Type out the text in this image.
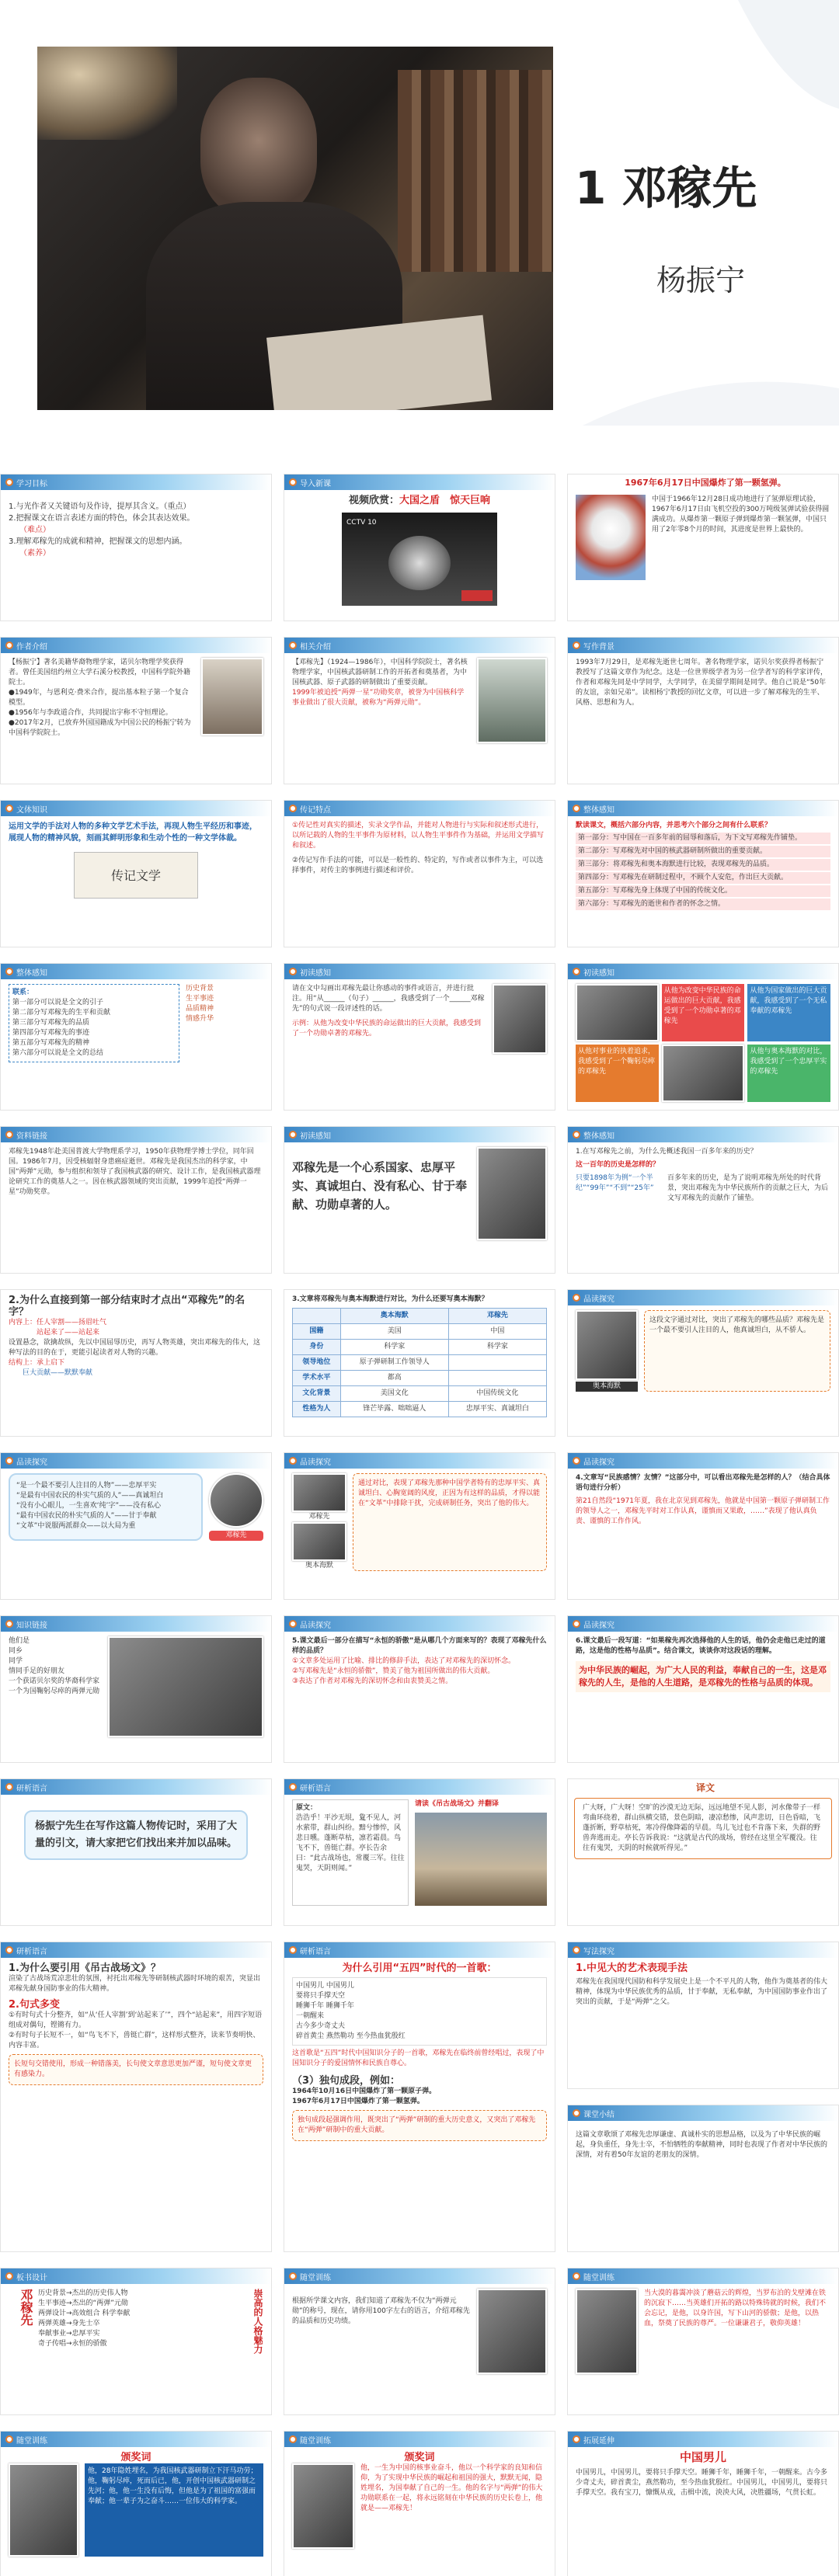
1 邓稼先
杨振宁
学习目标
1.与光作者又关键语句及作诗，提厚其含义。（重点）
2.把握课文在语言表述方面的特色，体会其表达效果。
（难点）
3.理解邓稼先的成就和精神，把握课文的思想内涵。
（素养）
导入新课
视频欣赏：大国之盾　惊天巨响
CCTV 10
1967年6月17日中国爆炸了第一颗氢弹。
中国于1966年12月28日成功地进行了氢弹原理试验，1967年6月17日由飞机空投的300万吨级氢弹试验获得圆满成功。从爆炸第一颗原子弹到爆炸第一颗氢弹，中国只用了2年零8个月的时间，其进度是世界上最快的。
作者介绍
【杨振宁】著名美籍华裔物理学家，诺贝尔物理学奖获得者。曾任美国纽约州立大学石溪分校教授，中国科学院外籍院士。
●1949年，与恩利克·费米合作，提出基本粒子第一个复合模型。
●1956年与李政道合作，共同提出宇称不守恒理论。
●2017年2月，已放弃外国国籍成为中国公民的杨振宁转为中国科学院院士。
相关介绍
【邓稼先】（1924—1986年），中国科学院院士，著名核物理学家，中国核武器研制工作的开拓者和奠基者，为中国核武器、原子武器的研制做出了重要贡献。
1999年被追授“两弹一星”功勋奖章，被誉为中国核科学事业做出了很大贡献，被称为“两弹元勋”。
写作背景
1993年7月29日，是邓稼先逝世七周年。著名物理学家，诺贝尔奖获得者杨振宁教授写了这篇文章作为纪念。这是一位世界级学者为另一位学者写的科学家评传，作者和邓稼先同是中学同学，大学同学，在美留学期间是同学。他自己说是“50年的友谊，亲如兄弟”。读相杨宁教授的回忆文章，可以进一步了解邓稼先的生平、风格、思想和为人。
文体知识
运用文学的手法对人物的多种文学艺术手法，再现人物生平经历和事迹，展现人物的精神风貌，刻画其鲜明形象和生动个性的一种文学体裁。
传记文学
传记特点
①传记性对真实的描述，实录文学作品，并能对人物进行与实际和叙述形式进行，以所记载的人物的生平事件为原材料，以人物生平事件作为基础，并运用文学描写和叙述。
②传记写作手法的可能，可以是一般性的、特定的，写作或者以事件为主，可以选择事件，对传主的事例进行描述和评价。
整体感知
默读课文，概括六部分内容，并思考六个部分之间有什么联系？
第一部分：写中国在一百多年前的屈辱和落后，为下文写邓稼先作铺垫。
第二部分：写邓稼先对中国的核武器研制所做出的重要贡献。
第三部分：将邓稼先和奥本海默进行比较，表现邓稼先的品质。
第四部分：写邓稼先在研制过程中，不顾个人安危，作出巨大贡献。
第五部分：写邓稼先身上体现了中国的传统文化。
第六部分：写邓稼先的逝世和作者的怀念之情。
整体感知
联系：
第一部分可以说是全文的引子
第二部分写邓稼先的生平和贡献
第三部分写邓稼先的品质
第四部分写邓稼先的事迹
第五部分写邓稼先的精神
第六部分可以说是全文的总结
历史背景
生平事迹
品质精神
情感升华
初读感知
请在文中勾画出邓稼先最让你感动的事件或语言，并进行批注。用“从______（句子）______，我感受到了一个______邓稼先”的句式说一段评述性的话。
示例：从他为改变中华民族的命运做出的巨大贡献，我感受到了一个功勋卓著的邓稼先。
初读感知
从他为改变中华民族的命运做出的巨大贡献，我感受到了一个功勋卓著的邓稼先
从他为国家做出的巨大贡献，我感受到了一个无私奉献的邓稼先
从他对事业的执着追求，我感受到了一个鞠躬尽瘁的邓稼先
从他与奥本海默的对比，我感受到了一个忠厚平实的邓稼先
资料链接
邓稼先1948年赴美国普渡大学物理系学习，1950年获物理学博士学位，同年回国。1986年7月，因受核辐射身患癌症逝世。邓稼先是我国杰出的科学家，中国“两弹”元勋，参与组织和领导了我国核武器的研究、设计工作，是我国核武器理论研究工作的奠基人之一。因在核武器领域的突出贡献，1999年追授“两弹一星”功勋奖章。
初读感知
邓稼先是一个心系国家、忠厚平实、真诚坦白、没有私心、甘于奉献、功勋卓著的人。
整体感知
1.在写邓稼先之前，为什么先概述我国一百多年来的历史？
这一百年的历史是怎样的？
只要1898年为例“一个半纪”“99年”“不到”“25年”
百多年来的历史，是为了说明邓稼先所处的时代背景，突出邓稼先为中华民族所作的贡献之巨大，为后文写邓稼先的贡献作了铺垫。
2.为什么直接到第一部分结束时才点出“邓稼先”的名字？
内容上：任人宰割——扬眉吐气
　　　　站起来了——站起来
设置悬念，欲擒故纵，先以中国屈辱历史，再写人物英雄，突出邓稼先的伟大，这种写法的目的在于，更能引起读者对人物的兴趣。
结构上：承上启下
　　巨大贡献——默默奉献
3.文章将邓稼先与奥本海默进行对比，为什么还要写奥本海默？
	奥本海默	邓稼先
国籍	美国	中国
身份	科学家	科学家
领导地位	原子弹研制工作领导人	
学术水平	都高	
文化背景	美国文化	中国传统文化
性格为人	锋芒毕露、咄咄逼人	忠厚平实、真诚坦白
品读探究
奥本海默
这段文字通过对比，突出了邓稼先的哪些品质？邓稼先是一个最不要引人注目的人，他真诚坦白，从不骄人。
品读探究
“是一个最不要引人注目的人物”——忠厚平实
“是最有中国农民的朴实气质的人”——真诚坦白
“没有小心眼儿，一生喜欢‘纯’字”——没有私心
“最有中国农民的朴实气质的人”——甘于奉献
“文革”中说服两派群众——以大局为重
邓稼先
品读探究
邓稼先
奥本海默
通过对比，表现了邓稼先那种中国学者特有的忠厚平实、真诚坦白、心胸宽阔的风度，正因为有这样的品质，才得以能在“文革”中排除干扰，完成研制任务，突出了他的伟大。
品读探究
4.文章写“民族感情？友情？”这部分中，可以看出邓稼先是怎样的人？（结合具体语句进行分析）
第21自然段“1971年夏，我在北京见到邓稼先，他就是中国第一颗原子弹研制工作的领导人之一，邓稼先平时对工作认真，谨慎而又果敢，……”表现了他认真负责、谨慎的工作作风。
知识链接
他们是
同乡
同学
情同手足的好朋友
一个获诺贝尔奖的华裔科学家
一个为国鞠躬尽瘁的两弹元勋
品读探究
5.课文最后一部分在描写“永恒的骄傲”是从哪几个方面来写的？表现了邓稼先什么样的品质？
①文章多处运用了比喻、排比的修辞手法，表达了对邓稼先的深切怀念。
②写邓稼先是“永恒的骄傲”，赞美了他为祖国所做出的伟大贡献。
③表达了作者对邓稼先的深切怀念和由衷赞美之情。
品读探究
6.课文最后一段写道：“如果稼先再次选择他的人生的话，他仍会走他已走过的道路，这是他的性格与品质”。结合课文，谈谈你对这段话的理解。
为中华民族的崛起，为广大人民的利益，奉献自己的一生，这是邓稼先的人生，是他的人生道路，是邓稼先的性格与品质的体现。
研析语言
杨振宁先生在写作这篇人物传记时，采用了大量的引文，请大家把它们找出来并加以品味。
研析语言
原文：
浩浩乎！平沙无垠，夐不见人，河水萦带，群山纠纷。黯兮惨悴，风悲日曛。蓬断草枯，凛若霜晨。鸟飞不下，兽铤亡群。亭长告余曰：“此古战场也，常覆三军。往往鬼哭，天阴则闻。”
请读《吊古战场文》并翻译
译文
广大呀，广大呀！空旷的沙漠无边无际，远远地望不见人影，河水像带子一样弯曲环绕着，群山纵横交错，景色阴暗，凄凉愁惨，风声悲切，日色昏暗，飞蓬折断，野草枯死，寒冷得像降霜的早晨。鸟儿飞过也不肯落下来，失群的野兽奔逃而走。亭长告诉我说：“这就是古代的战场，曾经在这里全军覆没。往往有鬼哭，天阴的时候就听得见。”
研析语言
1.为什么要引用《吊古战场文》？
渲染了古战场荒凉悲壮的氛围，衬托出邓稼先等研制核武器时环境的艰苦，突显出邓稼先献身国防事业的伟大精神。
2.句式多变
①有时句式十分整齐，如“从‘任人宰割’到‘站起来了’”，四个“站起来”，用四字短语组成对偶句，铿锵有力。
②有时句子长短不一，如“鸟飞不下，兽铤亡群”，这样形式整齐，读来节奏明快、内容丰富。
长短句交错使用，形成一种错落美，长句使文章意思更加严谨，短句使文章更有感染力。
研析语言
为什么引用“五四”时代的一首歌：
中国男儿 中国男儿
要将只手撑天空
睡狮千年 睡狮千年
一朝醒来
古今多少奇丈夫
碎首黄尘 燕然勒功 至今热血犹殷红
这首歌是“五四”时代中国知识分子的一首歌，邓稼先在临终前曾经唱过，表现了中国知识分子的爱国情怀和民族自尊心。
（3）独句成段，例如：
1964年10月16日中国爆炸了第一颗原子弹。
1967年6月17日中国爆炸了第一颗氢弹。
独句成段起强调作用，既突出了“两弹”研制的重大历史意义，又突出了邓稼先在“两弹”研制中的重大贡献。
写法探究
1.中见大的艺术表现手法
邓稼先在我国现代国防和科学发展史上是一个不平凡的人物，他作为奠基者的伟大精神，体现为中华民族优秀的品质，甘于奉献，无私奉献，为中国国防事业作出了突出的贡献，于是“两弹”之父。
课堂小结
这篇文章歌颂了邓稼先忠厚谦虚、真诚朴实的思想品格，以及为了中华民族的崛起，身负重任，身先士卒，不怕牺牲的奉献精神，同时也表现了作者对中华民族的深情，对有着50年友谊的老朋友的深情。
板书设计
邓稼先 历史背景→杰出的历史伟人物
生平事迹→杰出的“两弹”元勋
两弹设计→高效组合 科学奉献
两弹英雄→身先士卒
奉献事业→忠厚平实
奇子传唱→永恒的骄傲	崇高的人格魅力
随堂训练
根据所学课文内容，我们知道了邓稼先不仅为“两弹元勋”的称号，现在，请你用100字左右的语言，介绍邓稼先的品质和历史功绩。
随堂训练
当大漠的暮霭冲淡了蘑菇云的辉煌，当罗布泊的戈壁滩在铁的沉寂下……当英雄们开拓的路以特殊铸就的时候，我们不会忘记，是他，以身许国，写下山河的骄傲；是他，以热血，祭奠了民族的尊严。一位谦谦君子，敬仰英雄！
随堂训练
颁奖词
他，28年隐姓埋名，为我国核武器研制立下汗马功劳；他，鞠躬尽瘁，死而后已，他，开创中国核武器研制之先河；他，他一生没有后悔，但他是为了祖国的富强而奉献；他一辈子为之奋斗……一位伟大的科学家。
随堂训练
颁奖词
他，一生为中国的核事业奋斗，他以一个科学家的良知和信仰，为了实现中华民族的崛起和祖国的强大，默默无闻，隐姓埋名，为国奉献了自己的一生。他的名字与“两弹”的伟大功勋联系在一起，将永远铭刻在中华民族的历史长卷上，他就是——邓稼先！
拓展延伸
中国男儿
中国男儿，中国男儿，要将只手撑天空。睡狮千年，睡狮千年，一朝醒来。古今多少奇丈夫，碎首黄尘，燕然勒功，至今热血犹殷红。中国男儿，中国男儿，要将只手撑天空。我有宝刀，慷慨从戎，击楫中流，泱泱大风，决胜疆场，气贯长虹。
